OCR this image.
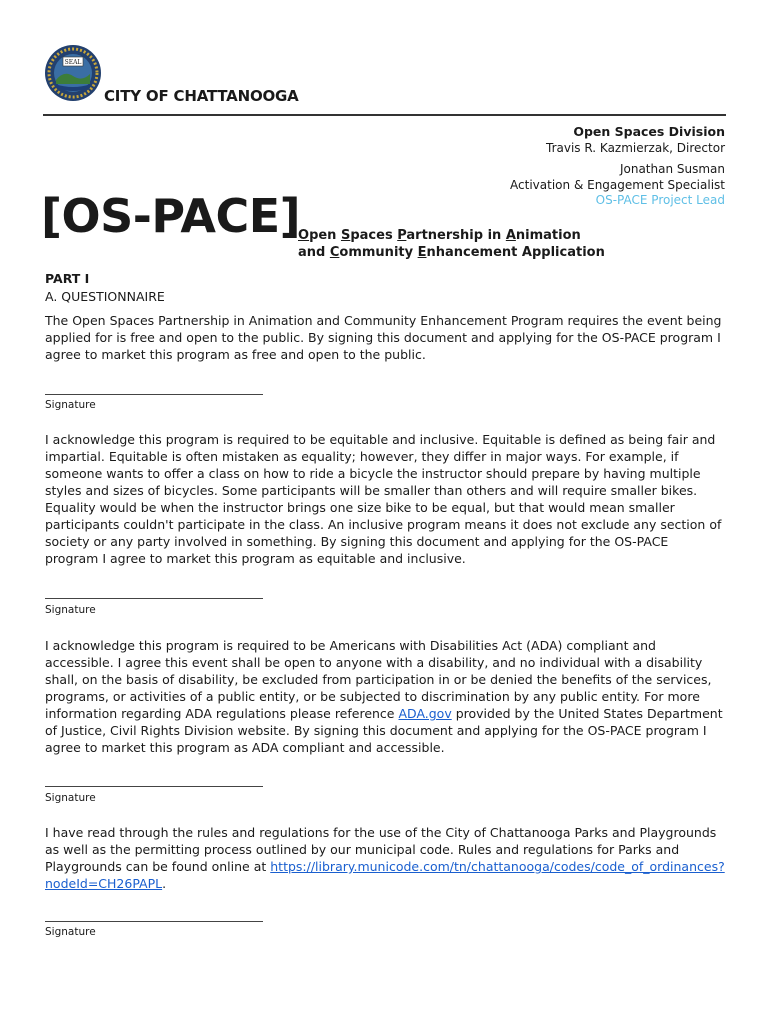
SEAL
CITY OF CHATTANOOGA
Open Spaces Division
Travis R. Kazmierzak, Director
Jonathan Susman
Activation & Engagement Specialist
OS-PACE Project Lead
[OS-PACE]
Open Spaces Partnership in Animation
and Community Enhancement Application
PART I
A. QUESTIONNAIRE
The Open Spaces Partnership in Animation and Community Enhancement Program requires the event being applied for is free and open to the public. By signing this document and applying for the OS-PACE program I agree to market this program as free and open to the public.
Signature
I acknowledge this program is required to be equitable and inclusive. Equitable is defined as being fair and impartial. Equitable is often mistaken as equality; however, they differ in major ways. For example, if someone wants to offer a class on how to ride a bicycle the instructor should prepare by having multiple styles and sizes of bicycles. Some participants will be smaller than others and will require smaller bikes. Equality would be when the instructor brings one size bike to be equal, but that would mean smaller participants couldn't participate in the class. An inclusive program means it does not exclude any section of society or any party involved in something. By signing this document and applying for the OS-PACE program I agree to market this program as equitable and inclusive.
Signature
I acknowledge this program is required to be Americans with Disabilities Act (ADA) compliant and accessible. I agree this event shall be open to anyone with a disability, and no individual with a disability shall, on the basis of disability, be excluded from participation in or be denied the benefits of the services, programs, or activities of a public entity, or be subjected to discrimination by any public entity. For more information regarding ADA regulations please reference ADA.gov provided by the United States Department of Justice, Civil Rights Division website. By signing this document and applying for the OS-PACE program I agree to market this program as ADA compliant and accessible.
Signature
I have read through the rules and regulations for the use of the City of Chattanooga Parks and Playgrounds as well as the permitting process outlined by our municipal code. Rules and regulations for Parks and Playgrounds can be found online at https://library.municode.com/tn/chattanooga/codes/code_of_ordinances?nodeId=CH26PAPL.
Signature
